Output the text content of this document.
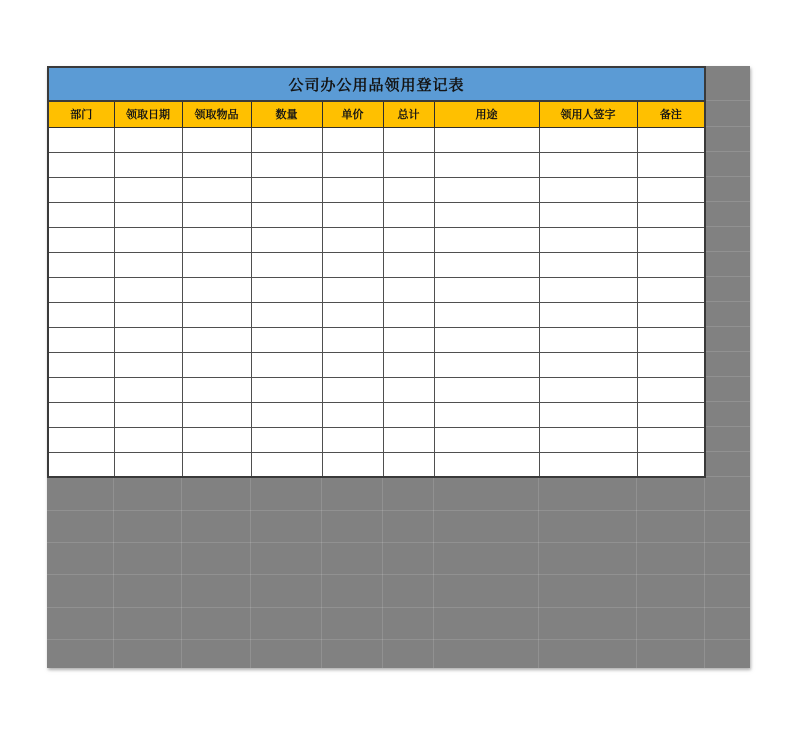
公司办公用品领用登记表								
部门	领取日期	领取物品	数量	单价	总计	用途	领用人签字	备注
